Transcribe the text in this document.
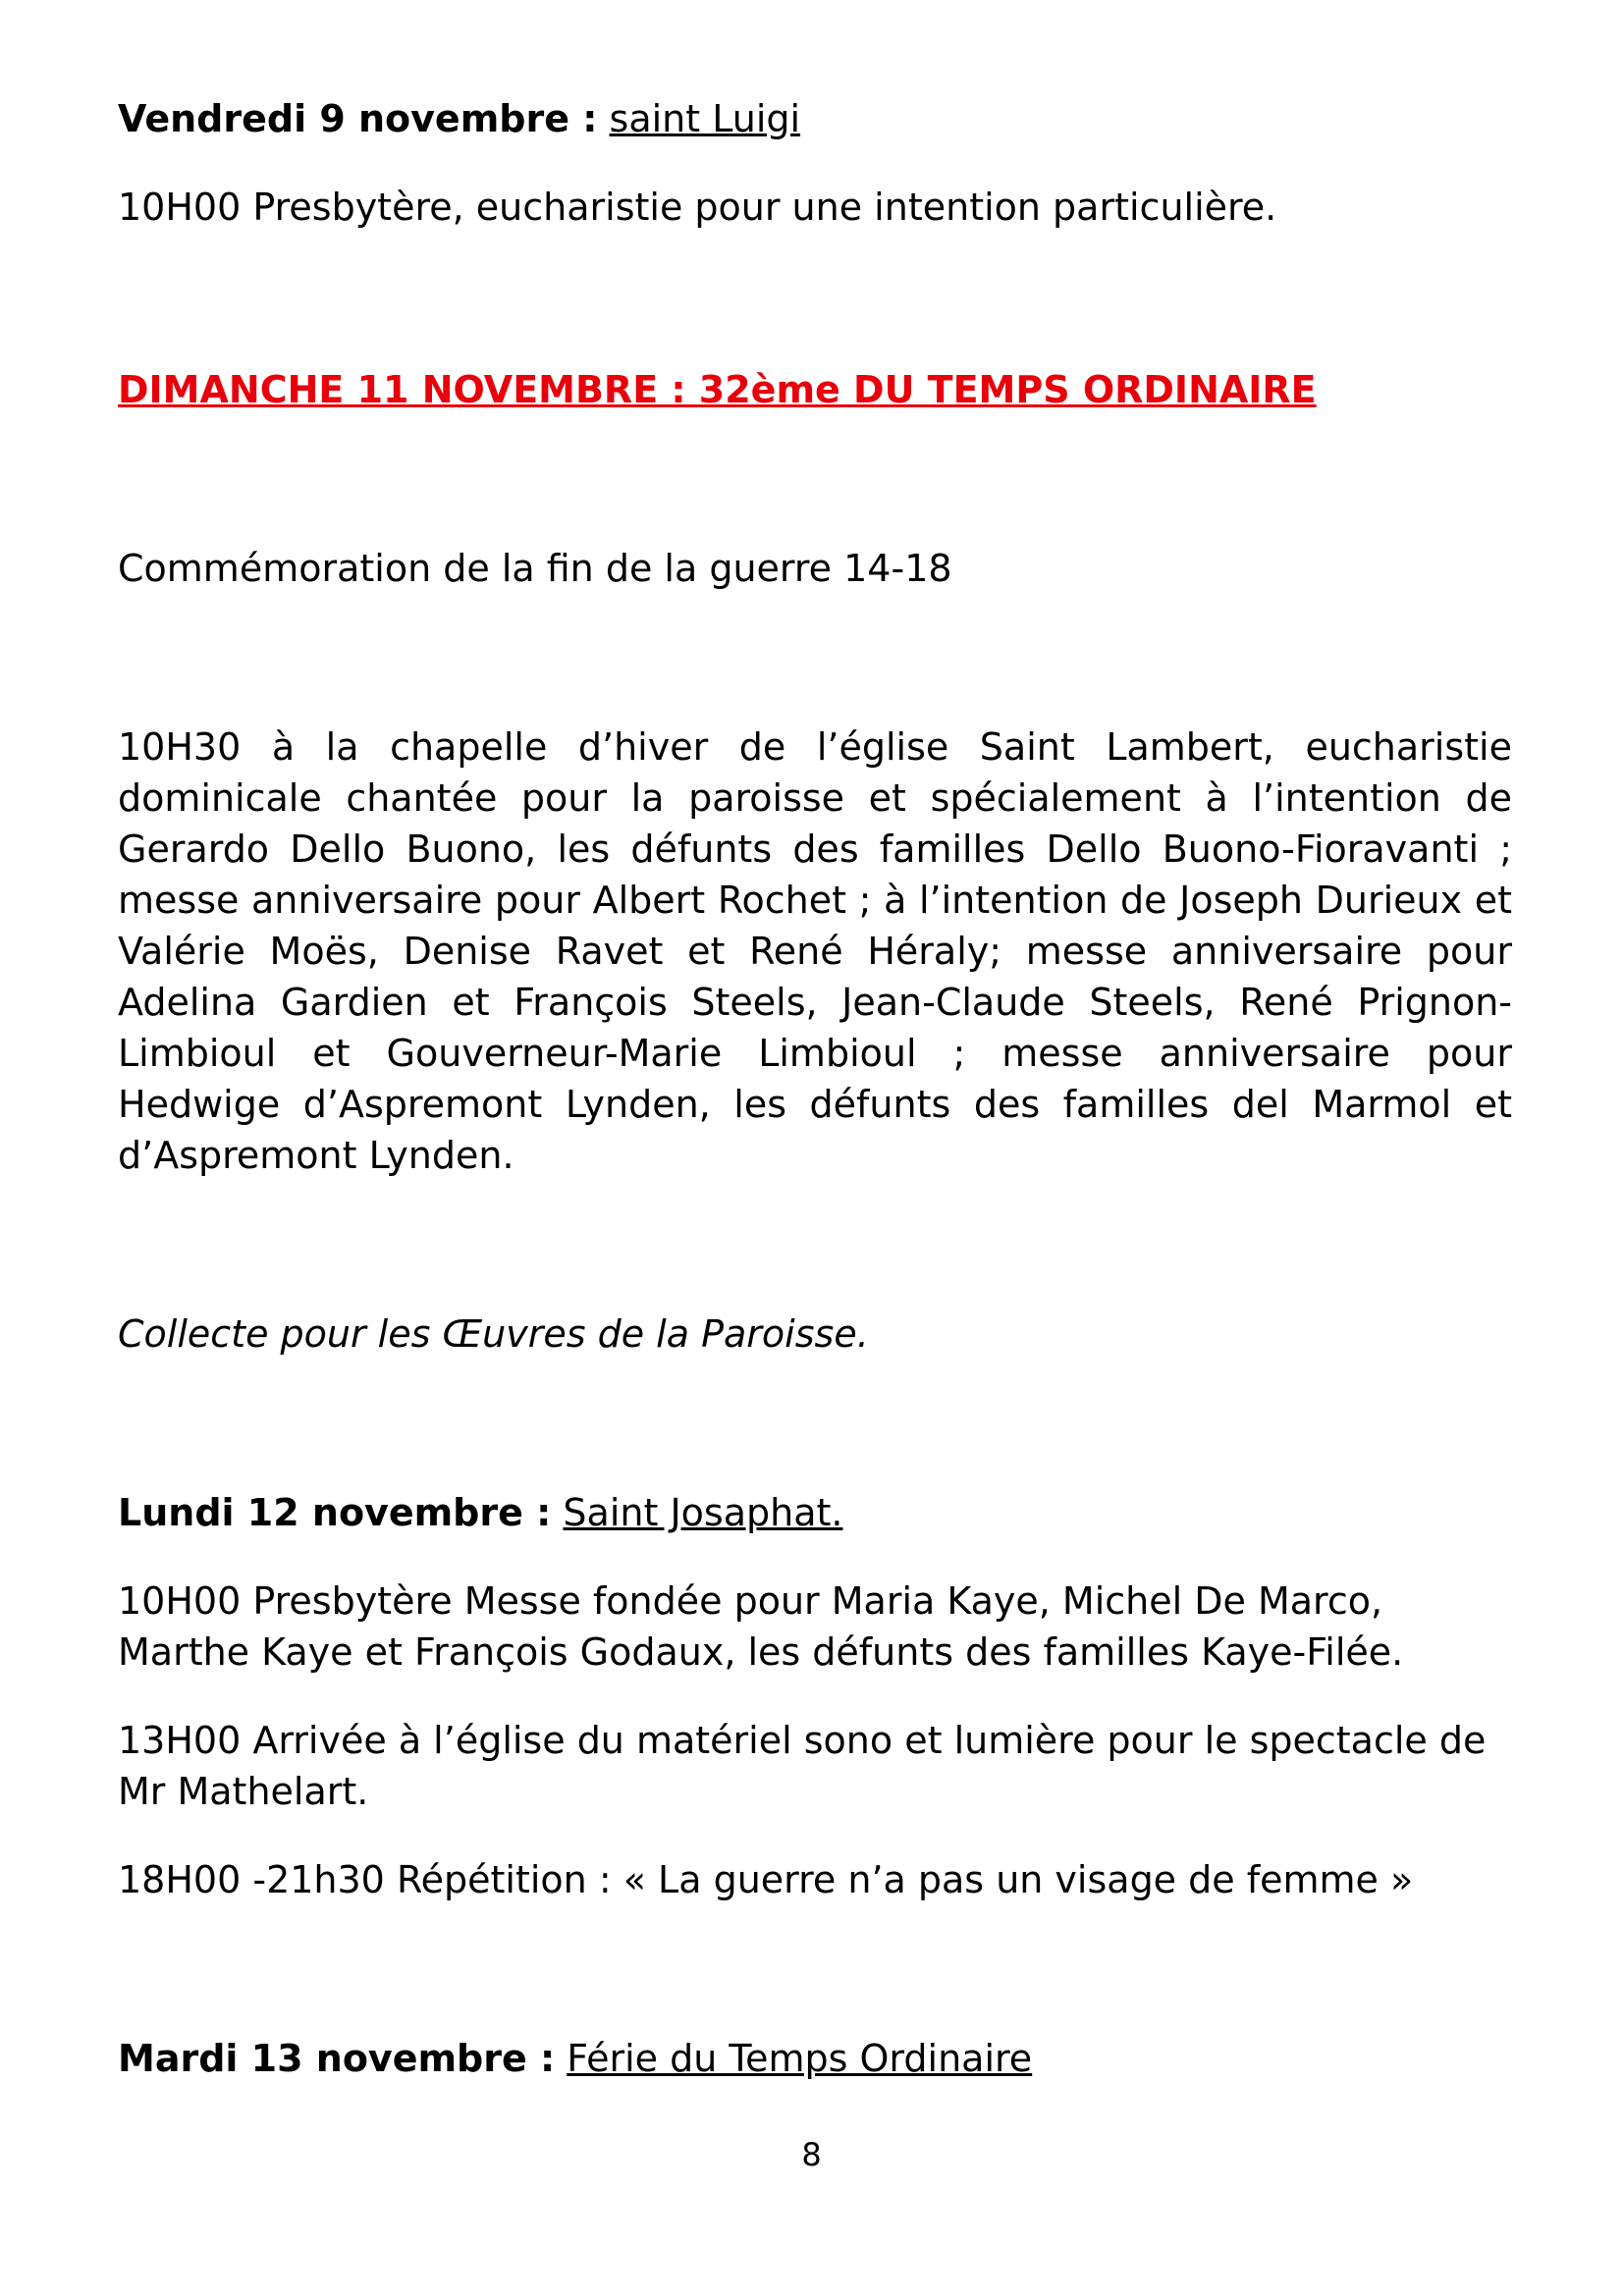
Vendredi 9 novembre : saint Luigi

10H00 Presbytère, eucharistie pour une intention particulière.

DIMANCHE 11 NOVEMBRE : 32ème DU TEMPS ORDINAIRE

Commémoration de la fin de la guerre 14-18

10H30 à la chapelle d’hiver de l’église Saint Lambert, eucharistie dominicale chantée pour la paroisse et spécialement à l’intention de Gerardo Dello Buono, les défunts des familles Dello Buono-Fioravanti ; messe anniversaire pour Albert Rochet ; à l’intention de Joseph Durieux et Valérie Moës, Denise Ravet et René Héraly; messe anniversaire pour Adelina Gardien et François Steels, Jean-Claude Steels, René Prignon-Limbioul et Gouverneur-Marie Limbioul ; messe anniversaire pour Hedwige d’Aspremont Lynden, les défunts des familles del Marmol et d’Aspremont Lynden.

Collecte pour les Œuvres de la Paroisse.

Lundi 12 novembre : Saint Josaphat.

10H00 Presbytère Messe fondée pour Maria Kaye, Michel De Marco, Marthe Kaye et François Godaux, les défunts des familles Kaye-Filée.

13H00 Arrivée à l’église du matériel sono et lumière pour le spectacle de Mr Mathelart.

18H00 -21h30 Répétition : « La guerre n’a pas un visage de femme »

Mardi 13 novembre : Férie du Temps Ordinaire

8
